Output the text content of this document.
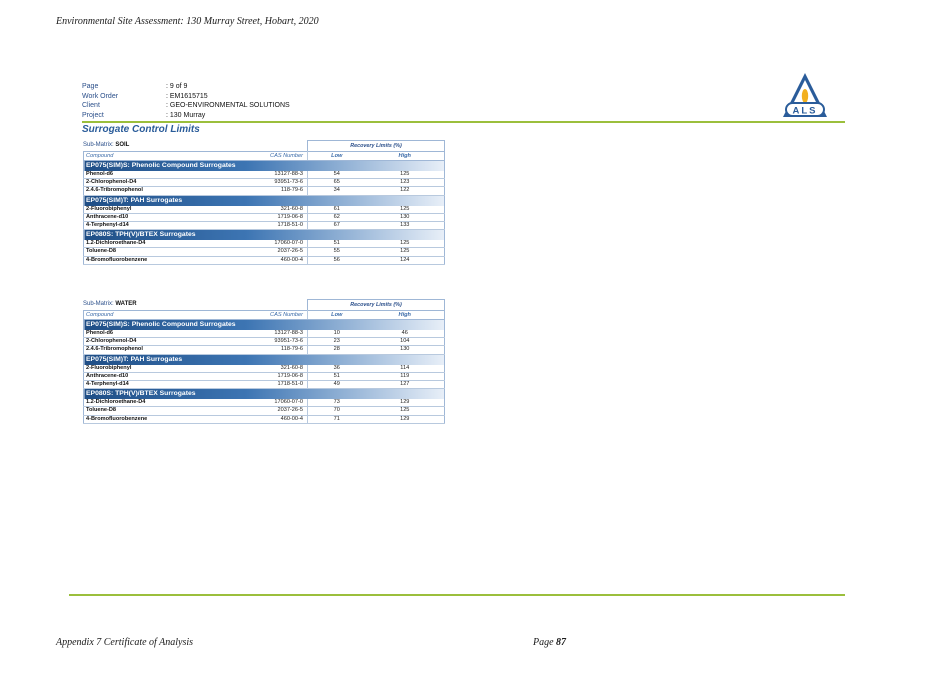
Environmental Site Assessment: 130 Murray Street, Hobart, 2020
Page	: 9 of 9
Work Order	: EM1615715
Client	: GEO-ENVIRONMENTAL SOLUTIONS
Project	: 130 Murray	ALS
Surrogate Control Limits
Sub-Matrix: SOIL	Recovery Limits (%)
Compound	CAS Number	Low	High
EP075(SIM)S: Phenolic Compound Surrogates			
Phenol-d6	13127-88-3	54	125
2-Chlorophenol-D4	93951-73-6	65	123
2.4.6-Tribromophenol	118-79-6	34	122
EP075(SIM)T: PAH Surrogates			
2-Fluorobiphenyl	321-60-8	61	125
Anthracene-d10	1719-06-8	62	130
4-Terphenyl-d14	1718-51-0	67	133
EP080S: TPH(V)/BTEX Surrogates			
1.2-Dichloroethane-D4	17060-07-0	51	125
Toluene-D8	2037-26-5	55	125
4-Bromofluorobenzene	460-00-4	56	124
Sub-Matrix: WATER	Recovery Limits (%)
Compound	CAS Number	Low	High
EP075(SIM)S: Phenolic Compound Surrogates			
Phenol-d6	13127-88-3	10	46
2-Chlorophenol-D4	93951-73-6	23	104
2.4.6-Tribromophenol	118-79-6	28	130
EP075(SIM)T: PAH Surrogates			
2-Fluorobiphenyl	321-60-8	36	114
Anthracene-d10	1719-06-8	51	119
4-Terphenyl-d14	1718-51-0	49	127
EP080S: TPH(V)/BTEX Surrogates			
1.2-Dichloroethane-D4	17060-07-0	73	129
Toluene-D8	2037-26-5	70	125
4-Bromofluorobenzene	460-00-4	71	129
Appendix 7 Certificate of Analysis	Page 87
